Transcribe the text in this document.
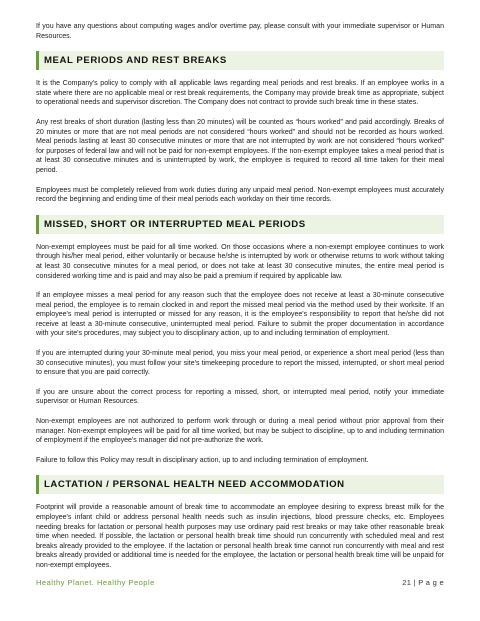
If you have any questions about computing wages and/or overtime pay, please consult with your immediate supervisor or Human Resources.

MEAL PERIODS AND REST BREAKS

It is the Company's policy to comply with all applicable laws regarding meal periods and rest breaks. If an employee works in a state where there are no applicable meal or rest break requirements, the Company may provide break time as appropriate, subject to operational needs and supervisor discretion. The Company does not contract to provide such break time in these states.

Any rest breaks of short duration (lasting less than 20 minutes) will be counted as “hours worked” and paid accordingly. Breaks of 20 minutes or more that are not meal periods are not considered “hours worked” and should not be recorded as hours worked. Meal periods lasting at least 30 consecutive minutes or more that are not interrupted by work are not considered “hours worked” for purposes of federal law and will not be paid for non-exempt employees. If the non-exempt employee takes a meal period that is at least 30 consecutive minutes and is uninterrupted by work, the employee is required to record all time taken for their meal period.

Employees must be completely relieved from work duties during any unpaid meal period. Non-exempt employees must accurately record the beginning and ending time of their meal periods each workday on their time records.

MISSED, SHORT OR INTERRUPTED MEAL PERIODS

Non-exempt employees must be paid for all time worked. On those occasions where a non-exempt employee continues to work through his/her meal period, either voluntarily or because he/she is interrupted by work or otherwise returns to work without taking at least 30 consecutive minutes for a meal period, or does not take at least 30 consecutive minutes, the entire meal period is considered working time and is paid and may also be paid a premium if required by applicable law.

If an employee misses a meal period for any reason such that the employee does not receive at least a 30-minute consecutive meal period, the employee is to remain clocked in and report the missed meal period via the method used by their worksite. If an employee's meal period is interrupted or missed for any reason, it is the employee's responsibility to report that he/she did not receive at least a 30-minute consecutive, uninterrupted meal period. Failure to submit the proper documentation in accordance with your site's procedures, may subject you to disciplinary action, up to and including termination of employment.

If you are interrupted during your 30-minute meal period, you miss your meal period, or experience a short meal period (less than 30 consecutive minutes), you must follow your site's timekeeping procedure to report the missed, interrupted, or short meal period to ensure that you are paid correctly.

If you are unsure about the correct process for reporting a missed, short, or interrupted meal period, notify your immediate supervisor or Human Resources.

Non-exempt employees are not authorized to perform work through or during a meal period without prior approval from their manager. Non-exempt employees will be paid for all time worked, but may be subject to discipline, up to and including termination of employment if the employee's manager did not pre-authorize the work.

Failure to follow this Policy may result in disciplinary action, up to and including termination of employment.

LACTATION / PERSONAL HEALTH NEED ACCOMMODATION

Footprint will provide a reasonable amount of break time to accommodate an employee desiring to express breast milk for the employee's infant child or address personal health needs such as insulin injections, blood pressure checks, etc. Employees needing breaks for lactation or personal health purposes may use ordinary paid rest breaks or may take other reasonable break time when needed. If possible, the lactation or personal health break time should run concurrently with scheduled meal and rest breaks already provided to the employee. If the lactation or personal health break time cannot run concurrently with meal and rest breaks already provided or additional time is needed for the employee, the lactation or personal health break time will be unpaid for non-exempt employees.

Healthy Planet. Healthy People	21 | P a g e
